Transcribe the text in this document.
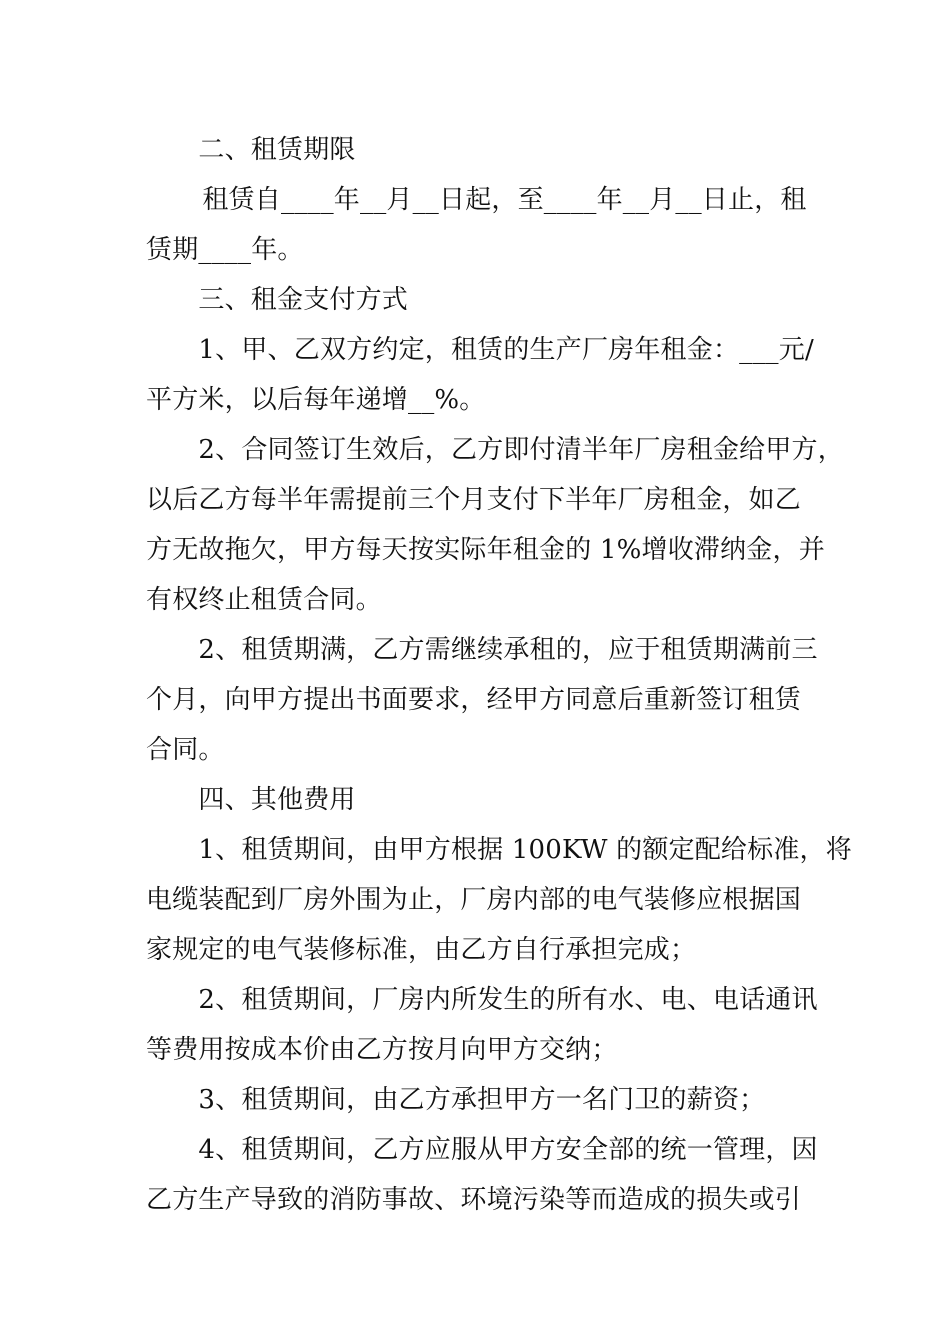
　　二、租赁期限
　　租赁自____年__月__日起，至____年__月__日止，租
赁期____年。
　　三、租金支付方式
　　1、甲、乙双方约定，租赁的生产厂房年租金：___元/
平方米，以后每年递增__%。
　　2、合同签订生效后，乙方即付清半年厂房租金给甲方，
以后乙方每半年需提前三个月支付下半年厂房租金，如乙
方无故拖欠，甲方每天按实际年租金的 1%增收滞纳金，并
有权终止租赁合同。
　　2、租赁期满，乙方需继续承租的，应于租赁期满前三
个月，向甲方提出书面要求，经甲方同意后重新签订租赁
合同。
　　四、其他费用
　　1、租赁期间，由甲方根据 100KW 的额定配给标准，将
电缆装配到厂房外围为止，厂房内部的电气装修应根据国
家规定的电气装修标准，由乙方自行承担完成；
　　2、租赁期间，厂房内所发生的所有水、电、电话通讯
等费用按成本价由乙方按月向甲方交纳；
　　3、租赁期间，由乙方承担甲方一名门卫的薪资；
　　4、租赁期间，乙方应服从甲方安全部的统一管理，因
乙方生产导致的消防事故、环境污染等而造成的损失或引
